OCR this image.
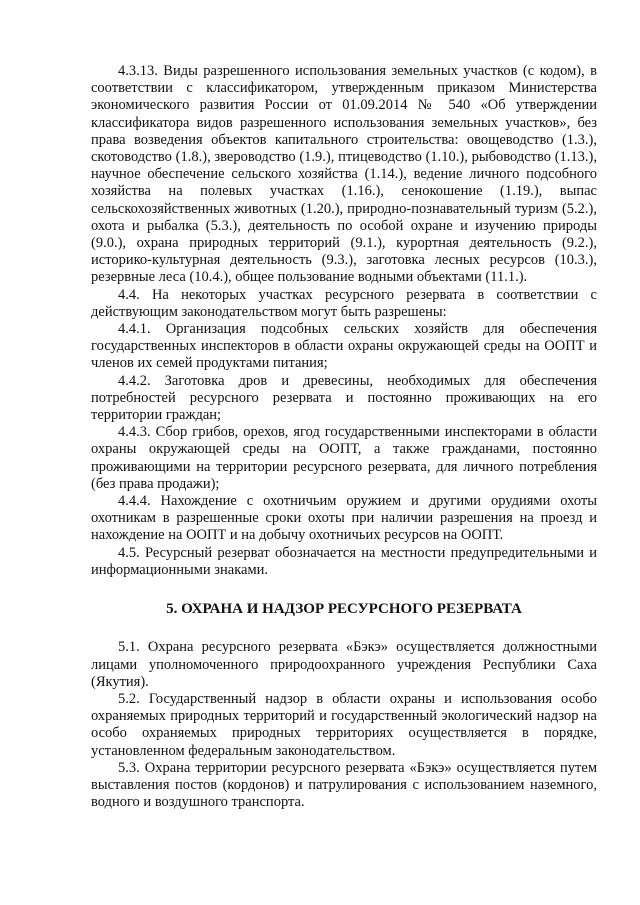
4.3.13. Виды разрешенного использования земельных участков (с кодом), в соответствии с классификатором, утвержденным приказом Министерства экономического развития России от 01.09.2014 № 540 «Об утверждении классификатора видов разрешенного использования земельных участков», без права возведения объектов капитального строительства: овощеводство (1.3.), скотоводство (1.8.), звероводство (1.9.), птицеводство (1.10.), рыбоводство (1.13.), научное обеспечение сельского хозяйства (1.14.), ведение личного подсобного хозяйства на полевых участках (1.16.), сенокошение (1.19.), выпас сельскохозяйственных животных (1.20.), природно-познавательный туризм (5.2.), охота и рыбалка (5.3.), деятельность по особой охране и изучению природы (9.0.), охрана природных территорий (9.1.), курортная деятельность (9.2.), историко-культурная деятельность (9.3.), заготовка лесных ресурсов (10.3.), резервные леса (10.4.), общее пользование водными объектами (11.1.).

4.4. На некоторых участках ресурсного резервата в соответствии с действующим законодательством могут быть разрешены:

4.4.1. Организация подсобных сельских хозяйств для обеспечения государственных инспекторов в области охраны окружающей среды на ООПТ и членов их семей продуктами питания;

4.4.2. Заготовка дров и древесины, необходимых для обеспечения потребностей ресурсного резервата и постоянно проживающих на его территории граждан;

4.4.3. Сбор грибов, орехов, ягод государственными инспекторами в области охраны окружающей среды на ООПТ, а также гражданами, постоянно проживающими на территории ресурсного резервата, для личного потребления (без права продажи);

4.4.4. Нахождение с охотничьим оружием и другими орудиями охоты охотникам в разрешенные сроки охоты при наличии разрешения на проезд и нахождение на ООПТ и на добычу охотничьих ресурсов на ООПТ.

4.5. Ресурсный резерват обозначается на местности предупредительными и информационными знаками.

5. ОХРАНА И НАДЗОР РЕСУРСНОГО РЕЗЕРВАТА

5.1. Охрана ресурсного резервата «Бэкэ» осуществляется должностными лицами уполномоченного природоохранного учреждения Республики Саха (Якутия).

5.2. Государственный надзор в области охраны и использования особо охраняемых природных территорий и государственный экологический надзор на особо охраняемых природных территориях осуществляется в порядке, установленном федеральным законодательством.

5.3. Охрана территории ресурсного резервата «Бэкэ» осуществляется путем выставления постов (кордонов) и патрулирования с использованием наземного, водного и воздушного транспорта.
